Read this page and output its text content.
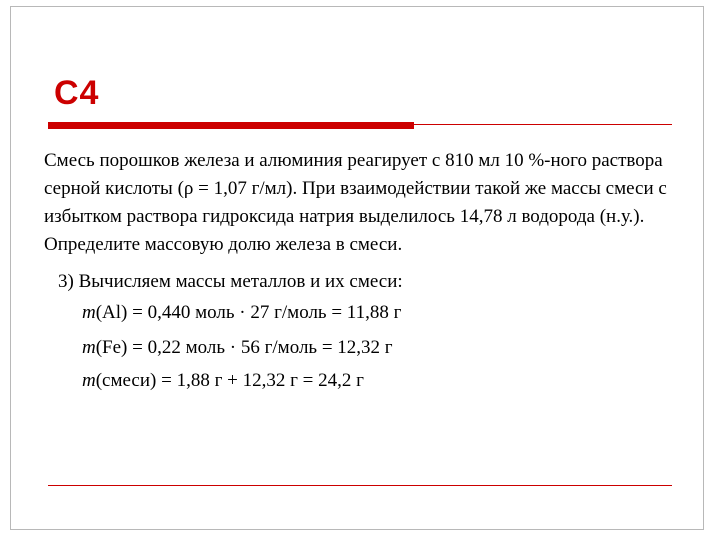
С4
Смесь порошков железа и алюминия реагирует с 810 мл 10 %-ного раствора серной кислоты (ρ = 1,07 г/мл). При взаимодействии такой же массы смеси с избытком раствора гидроксида натрия выделилось 14,78 л водорода (н.у.). Определите массовую долю железа в смеси.
3) Вычисляем массы металлов и их смеси:
m(Al) = 0,440 моль · 27 г/моль = 11,88 г
m(Fe) = 0,22 моль · 56 г/моль = 12,32 г
m(смеси) = 1,88 г + 12,32 г = 24,2 г
